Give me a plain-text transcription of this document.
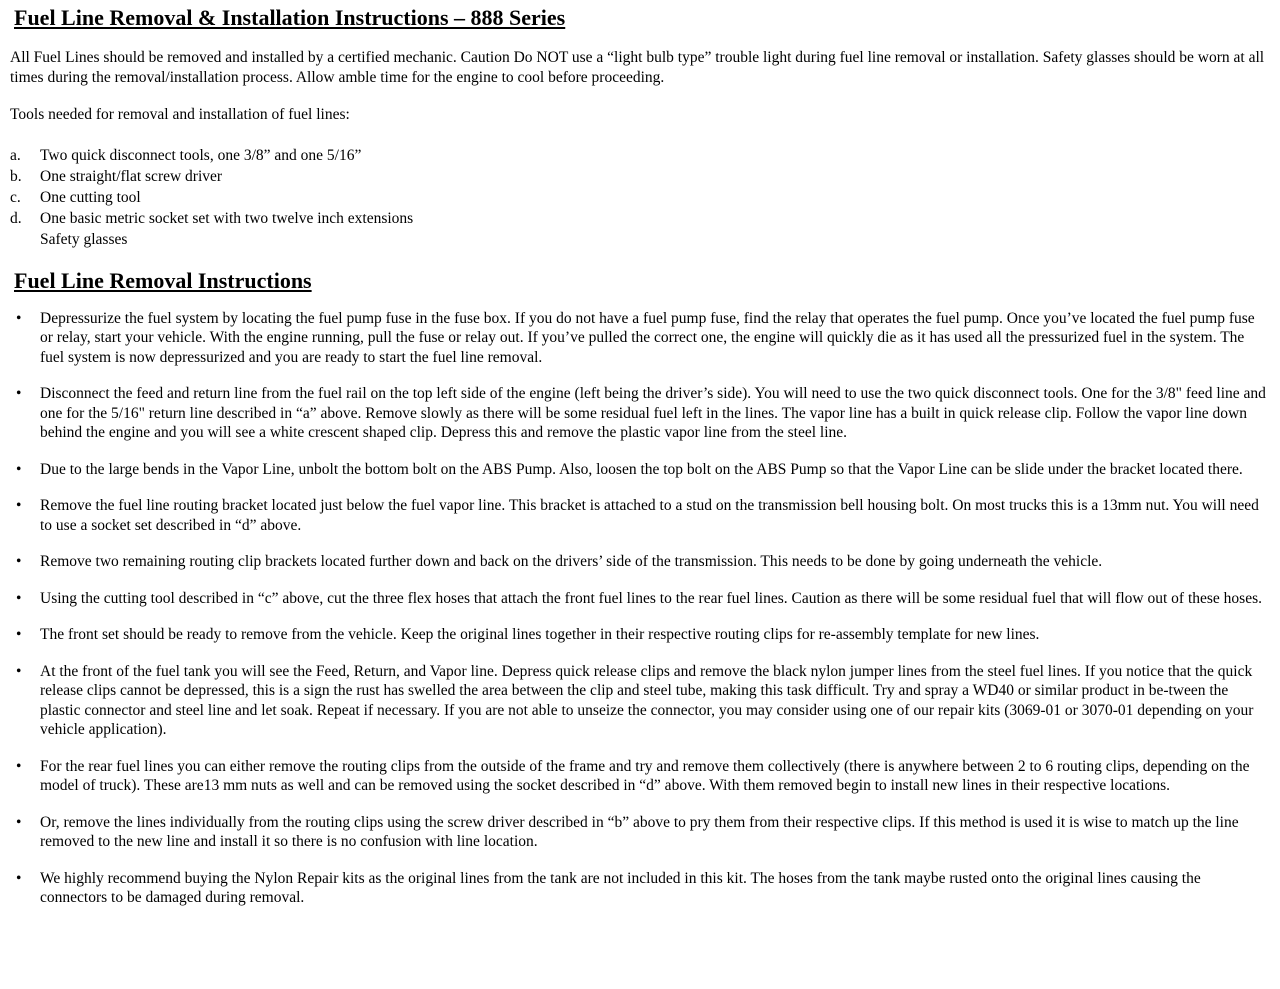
Fuel Line Removal & Installation Instructions – 888 Series

All Fuel Lines should be removed and installed by a certified mechanic. Caution Do NOT use a “light bulb type” trouble light during fuel line removal or installation. Safety glasses should be worn at all times during the removal/installation process. Allow amble time for the engine to cool before proceeding.

Tools needed for removal and installation of fuel lines:

a.	Two quick disconnect tools, one 3/8” and one 5/16”
b.	One straight/flat screw driver
c.	One cutting tool
d.	One basic metric socket set with two twelve inch extensions
Safety glasses
Fuel Line Removal Instructions
• Depressurize the fuel system by locating the fuel pump fuse in the fuse box. If you do not have a fuel pump fuse, find the relay that operates the fuel pump. Once you’ve located the fuel pump fuse or relay, start your vehicle. With the engine running, pull the fuse or relay out. If you’ve pulled the correct one, the engine will quickly die as it has used all the pressurized fuel in the system. The fuel system is now depressurized and you are ready to start the fuel line removal.
• Disconnect the feed and return line from the fuel rail on the top left side of the engine (left being the driver’s side). You will need to use the two quick disconnect tools. One for the 3/8" feed line and one for the 5/16" return line described in “a” above. Remove slowly as there will be some residual fuel left in the lines. The vapor line has a built in quick release clip. Follow the vapor line down behind the engine and you will see a white crescent shaped clip. Depress this and remove the plastic vapor line from the steel line.
• Due to the large bends in the Vapor Line, unbolt the bottom bolt on the ABS Pump. Also, loosen the top bolt on the ABS Pump so that the Vapor Line can be slide under the bracket located there.
• Remove the fuel line routing bracket located just below the fuel vapor line. This bracket is attached to a stud on the transmission bell housing bolt. On most trucks this is a 13mm nut. You will need to use a socket set described in “d” above.
• Remove two remaining routing clip brackets located further down and back on the drivers’ side of the transmission. This needs to be done by going underneath the vehicle.
• Using the cutting tool described in “c” above, cut the three flex hoses that attach the front fuel lines to the rear fuel lines. Caution as there will be some residual fuel that will flow out of these hoses.
• The front set should be ready to remove from the vehicle. Keep the original lines together in their respective routing clips for re-assembly template for new lines.
• At the front of the fuel tank you will see the Feed, Return, and Vapor line. Depress quick release clips and remove the black nylon jumper lines from the steel fuel lines. If you notice that the quick release clips cannot be depressed, this is a sign the rust has swelled the area between the clip and steel tube, making this task difficult. Try and spray a WD40 or similar product in be-tween the plastic connector and steel line and let soak. Repeat if necessary. If you are not able to unseize the connector, you may consider using one of our repair kits (3069-01 or 3070-01 depending on your vehicle application).
• For the rear fuel lines you can either remove the routing clips from the outside of the frame and try and remove them collectively (there is anywhere between 2 to 6 routing clips, depending on the model of truck). These are13 mm nuts as well and can be removed using the socket described in “d” above. With them removed begin to install new lines in their respective locations.
• Or, remove the lines individually from the routing clips using the screw driver described in “b” above to pry them from their respective clips. If this method is used it is wise to match up the line removed to the new line and install it so there is no confusion with line location.
• We highly recommend buying the Nylon Repair kits as the original lines from the tank are not included in this kit. The hoses from the tank maybe rusted onto the original lines causing the connectors to be damaged during removal.
